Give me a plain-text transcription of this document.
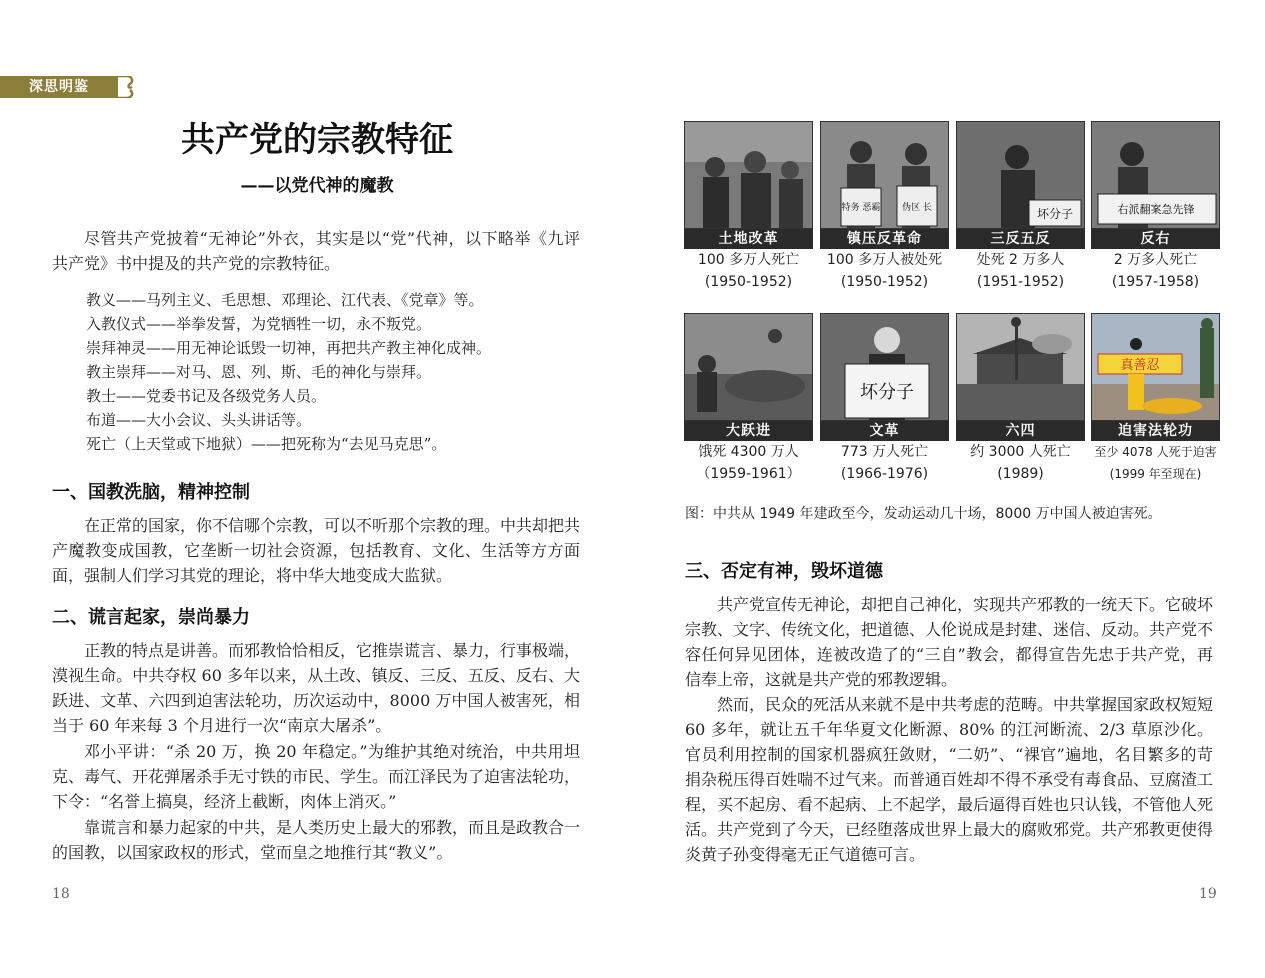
深思明鉴
共产党的宗教特征
——以党代神的魔教

尽管共产党披着“无神论”外衣，其实是以“党”代神，以下略举《九评共产党》书中提及的共产党的宗教特征。

教义——马列主义、毛思想、邓理论、江代表、《党章》等。
入教仪式——举拳发誓，为党牺牲一切，永不叛党。
崇拜神灵——用无神论诋毁一切神，再把共产教主神化成神。
教主崇拜——对马、恩、列、斯、毛的神化与崇拜。
教士——党委书记及各级党务人员。
布道——大小会议、头头讲话等。
死亡（上天堂或下地狱）——把死称为“去见马克思”。
一、国教洗脑，精神控制

在正常的国家，你不信哪个宗教，可以不听那个宗教的理。中共却把共产魔教变成国教，它垄断一切社会资源，包括教育、文化、生活等方方面面，强制人们学习其党的理论，将中华大地变成大监狱。

二、谎言起家，崇尚暴力

正教的特点是讲善。而邪教恰恰相反，它推崇谎言、暴力，行事极端，漠视生命。中共夺权 60 多年以来，从土改、镇反、三反、五反、反右、大跃进、文革、六四到迫害法轮功，历次运动中，8000 万中国人被害死，相当于 60 年来每 3 个月进行一次“南京大屠杀”。

邓小平讲：“杀 20 万，换 20 年稳定。”为维护其绝对统治，中共用坦克、毒气、开花弹屠杀手无寸铁的市民、学生。而江泽民为了迫害法轮功，下令：“名誉上搞臭，经济上截断，肉体上消灭。”

靠谎言和暴力起家的中共，是人类历史上最大的邪教，而且是政教合一的国教，以国家政权的形式，堂而皇之地推行其“教义”。

18
土地改革
100 多万人死亡
(1950-1952)
特务 恶霸 伪区 长
镇压反革命
100 多万人被处死
(1950-1952)
坏分子
三反五反
处死 2 万多人
(1951-1952)
右派翻案急先锋
反右
2 万多人死亡
(1957-1958)
大跃进
饿死 4300 万人
（1959-1961）
坏分子
文革
773 万人死亡
(1966-1976)
六四
约 3000 人死亡
(1989)
真善忍
迫害法轮功
至少 4078 人死于迫害
(1999 年至现在)
图：中共从 1949 年建政至今，发动运动几十场，8000 万中国人被迫害死。
三、否定有神，毁坏道德

共产党宣传无神论，却把自己神化，实现共产邪教的一统天下。它破坏宗教、文字、传统文化，把道德、人伦说成是封建、迷信、反动。共产党不容任何异见团体，连被改造了的“三自”教会，都得宣告先忠于共产党，再信奉上帝，这就是共产党的邪教逻辑。

然而，民众的死活从来就不是中共考虑的范畴。中共掌握国家政权短短 60 多年，就让五千年华夏文化断源、80% 的江河断流、2/3 草原沙化。官员利用控制的国家机器疯狂敛财，“二奶”、“裸官”遍地，名目繁多的苛捐杂税压得百姓喘不过气来。而普通百姓却不得不承受有毒食品、豆腐渣工程，买不起房、看不起病、上不起学，最后逼得百姓也只认钱，不管他人死活。共产党到了今天，已经堕落成世界上最大的腐败邪党。共产邪教更使得炎黄子孙变得毫无正气道德可言。

19
